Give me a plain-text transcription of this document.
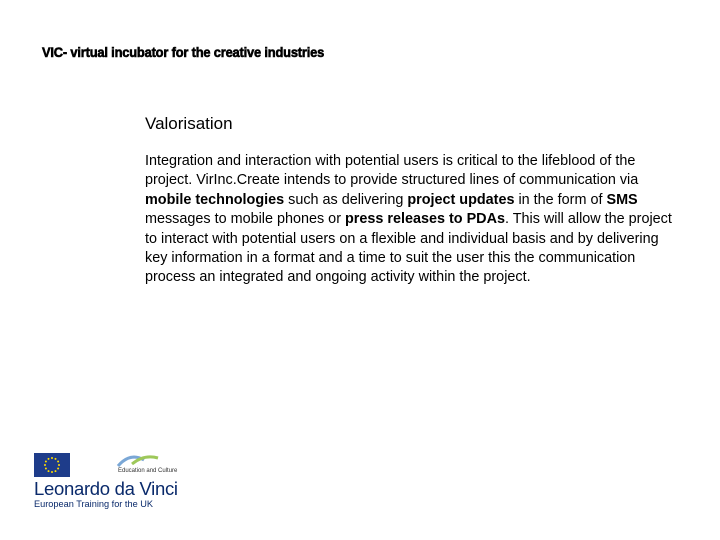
VIC- virtual incubator for the creative industries
Valorisation
Integration and interaction with potential users is critical to the lifeblood of the project. VirInc.Create intends to provide structured lines of communication via mobile technologies such as delivering project updates in the form of SMS messages to mobile phones or press releases to PDAs. This will allow the project to interact with potential users on a flexible and individual basis and by delivering key information in a format and a time to suit the user this the communication process an integrated and ongoing activity within the project.
Education and Culture
Leonardo da Vinci
European Training for the UK
